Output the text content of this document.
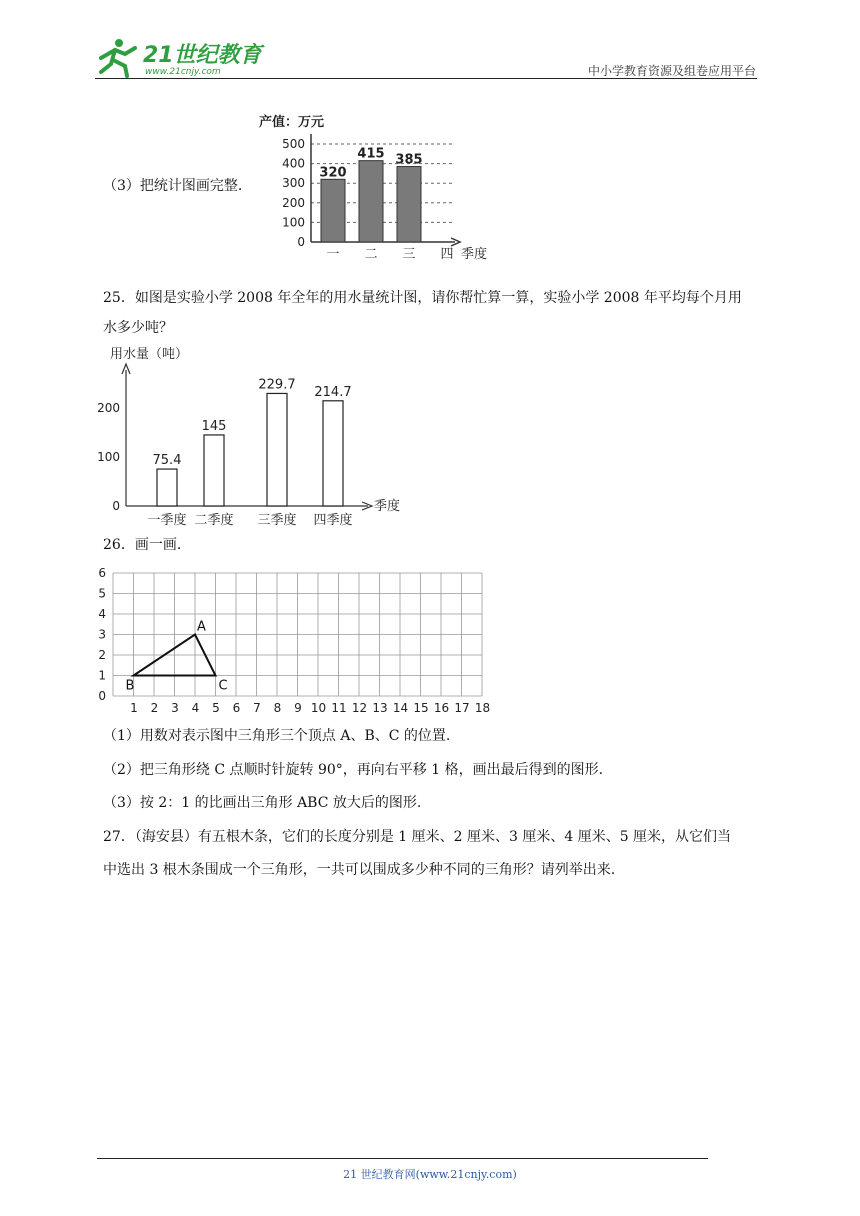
21世纪教育
www.21cnjy.com	中小学教育资源及组卷应用平台
（3）把统计图画完整.
产值：万元
0
100
200
300
400
500
320
415 385
一 二 三 四 季度
25．如图是实验小学 2008 年全年的用水量统计图，请你帮忙算一算，实验小学 2008 年平均每个月用
水多少吨？
用水量（吨）
0
100
200
75.4
145
229.7 214.7
一季度 二季度 三季度 四季度
季度
26．画一画.
0
1
2
3
4
5
6
1 2 3 4 5 6 7 8 9 10 11 12 13 14 15 16 17 18
A
B	C
（1）用数对表示图中三角形三个顶点 A、B、C 的位置.
（2）把三角形绕 C 点顺时针旋转 90°，再向右平移 1 格，画出最后得到的图形.
（3）按 2：1 的比画出三角形 ABC 放大后的图形.
27．（海安县）有五根木条，它们的长度分别是 1 厘米、2 厘米、3 厘米、4 厘米、5 厘米，从它们当
中选出 3 根木条围成一个三角形，一共可以围成多少种不同的三角形？请列举出来.
21 世纪教育网(www.21cnjy.com)
